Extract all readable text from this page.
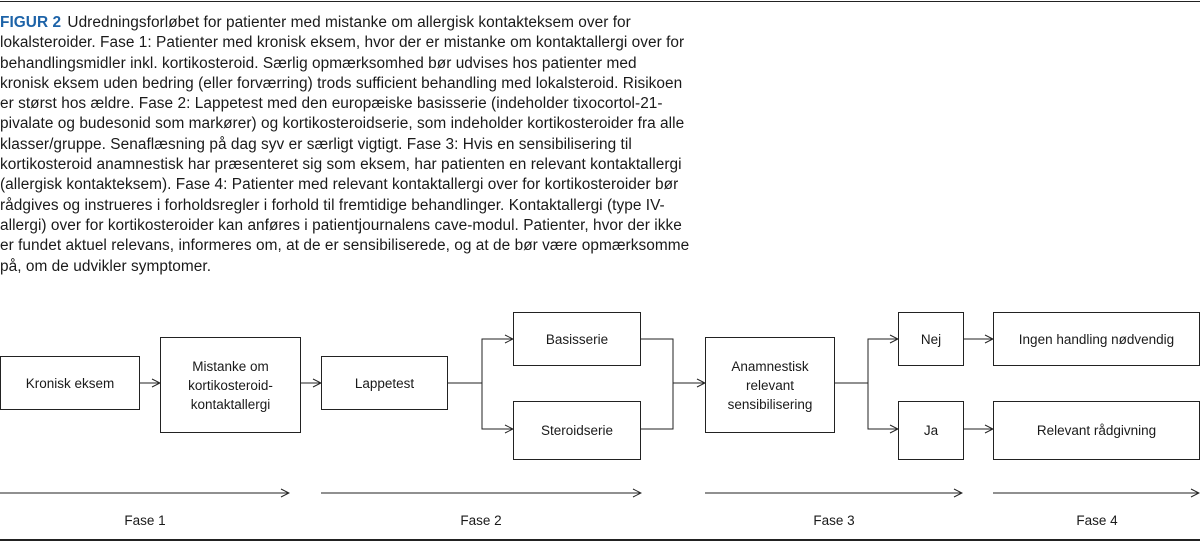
FIGUR 2 Udredningsforløbet for patienter med mistanke om allergisk kontakteksem over for lokalsteroider. Fase 1: Patienter med kronisk eksem, hvor der er mistanke om kontaktallergi over for behandlingsmidler inkl. kortikosteroid. Særlig opmærksomhed bør udvises hos patienter med kronisk eksem uden bedring (eller forværring) trods sufficient behandling med lokalsteroid. Risikoen er størst hos ældre. Fase 2: Lappetest med den europæiske basisserie (indeholder tixocortol-21-pivalate og budesonid som markører) og kortikosteroidserie, som indeholder kortikosteroider fra alle klasser/gruppe. Senaflæsning på dag syv er særligt vigtigt. Fase 3: Hvis en sensibilisering til kortikosteroid anamnestisk har præsenteret sig som eksem, har patienten en relevant kontaktallergi (allergisk kontakteksem). Fase 4: Patienter med relevant kontaktallergi over for kortikosteroider bør rådgives og instrueres i forholdsregler i forhold til fremtidige behandlinger. Kontaktallergi (type IV-allergi) over for kortikosteroider kan anføres i patientjournalens cave-modul. Patienter, hvor der ikke er fundet aktuel relevans, informeres om, at de er sensibiliserede, og at de bør være opmærksomme på, om de udvikler symptomer.

Kronisk eksem
Mistanke om kortikosteroid-kontaktallergi
Lappetest
Basisserie
Steroidserie
Anamnestisk relevant sensibilisering
Nej
Ja
Ingen handling nødvendig
Relevant rådgivning
Fase 1	Fase 2	Fase 3	Fase 4
